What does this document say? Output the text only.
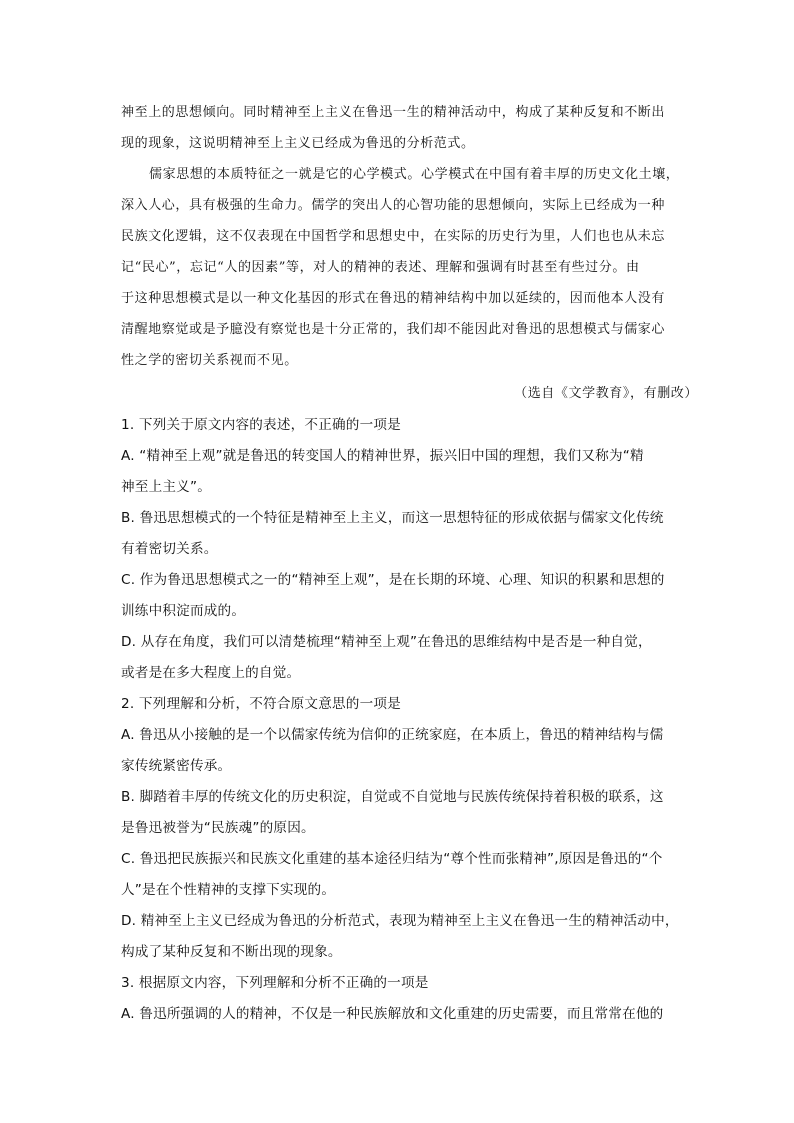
神至上的思想倾向。同时精神至上主义在鲁迅一生的精神活动中，构成了某种反复和不断出
现的现象，这说明精神至上主义已经成为鲁迅的分析范式。
儒家思想的本质特征之一就是它的心学模式。心学模式在中国有着丰厚的历史文化土壤，
深入人心，具有极强的生命力。儒学的突出人的心智功能的思想倾向，实际上已经成为一种
民族文化逻辑，这不仅表现在中国哲学和思想史中，在实际的历史行为里，人们也也从未忘
记“民心”，忘记“人的因素”等，对人的精神的表述、理解和强调有时甚至有些过分。由
于这种思想模式是以一种文化基因的形式在鲁迅的精神结构中加以延续的，因而他本人没有
清醒地察觉或是予臆没有察觉也是十分正常的，我们却不能因此对鲁迅的思想模式与儒家心
性之学的密切关系视而不见。
（选自《文学教育》，有删改）
1. 下列关于原文内容的表述，不正确的一项是
A. “精神至上观”就是鲁迅的转变国人的精神世界，振兴旧中国的理想，我们又称为“精
神至上主义”。
B. 鲁迅思想模式的一个特征是精神至上主义，而这一思想特征的形成依据与儒家文化传统
有着密切关系。
C. 作为鲁迅思想模式之一的“精神至上观”，是在长期的环境、心理、知识的积累和思想的
训练中积淀而成的。
D. 从存在角度，我们可以清楚梳理“精神至上观”在鲁迅的思维结构中是否是一种自觉，
或者是在多大程度上的自觉。
2. 下列理解和分析，不符合原文意思的一项是
A. 鲁迅从小接触的是一个以儒家传统为信仰的正统家庭，在本质上，鲁迅的精神结构与儒
家传统紧密传承。
B. 脚踏着丰厚的传统文化的历史积淀，自觉或不自觉地与民族传统保持着积极的联系，这
是鲁迅被誉为“民族魂”的原因。
C. 鲁迅把民族振兴和民族文化重建的基本途径归结为“尊个性而张精神”,原因是鲁迅的“个
人”是在个性精神的支撑下实现的。
D. 精神至上主义已经成为鲁迅的分析范式，表现为精神至上主义在鲁迅一生的精神活动中，
构成了某种反复和不断出现的现象。
3. 根据原文内容，下列理解和分析不正确的一项是
A. 鲁迅所强调的人的精神，不仅是一种民族解放和文化重建的历史需要，而且常常在他的
